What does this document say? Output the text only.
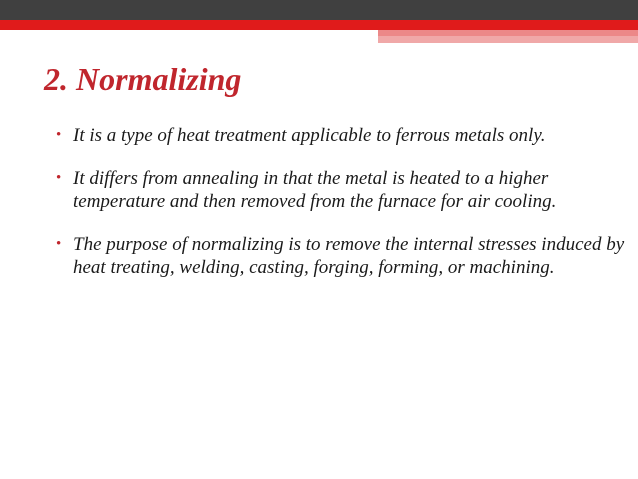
2. Normalizing
• It is a type of heat treatment applicable to ferrous metals only.
• It differs from annealing in that the metal is heated to a higher temperature and then removed from the furnace for air cooling.
• The purpose of normalizing is to remove the internal stresses induced by heat treating, welding, casting, forging, forming, or machining.
